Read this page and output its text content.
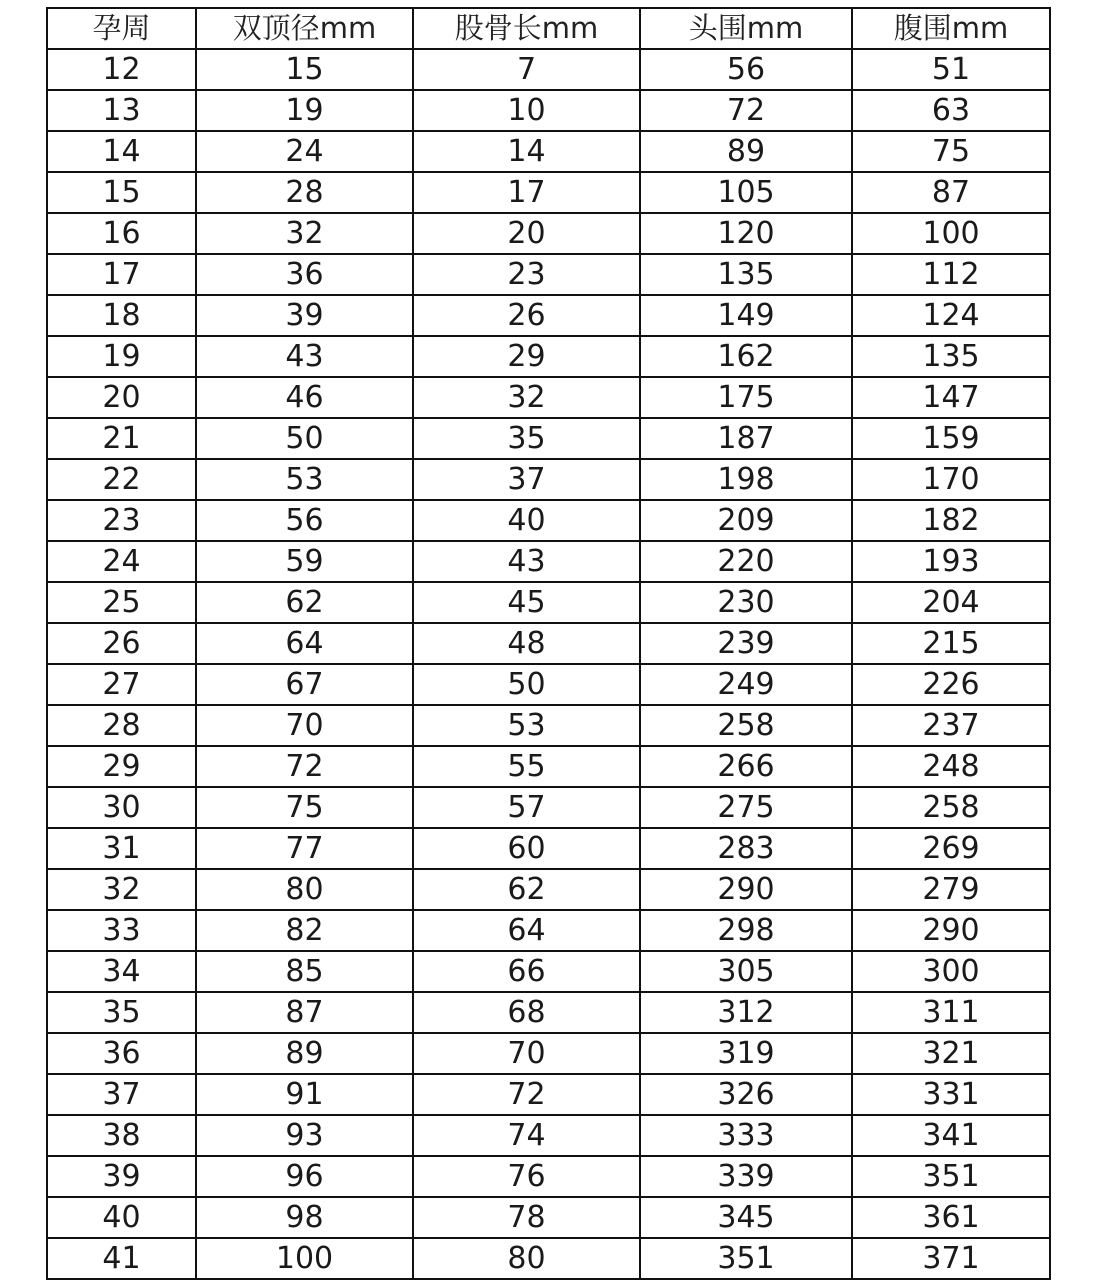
孕周	双顶径mm	股骨长mm	头围mm	腹围mm
12	15	7	56	51
13	19	10	72	63
14	24	14	89	75
15	28	17	105	87
16	32	20	120	100
17	36	23	135	112
18	39	26	149	124
19	43	29	162	135
20	46	32	175	147
21	50	35	187	159
22	53	37	198	170
23	56	40	209	182
24	59	43	220	193
25	62	45	230	204
26	64	48	239	215
27	67	50	249	226
28	70	53	258	237
29	72	55	266	248
30	75	57	275	258
31	77	60	283	269
32	80	62	290	279
33	82	64	298	290
34	85	66	305	300
35	87	68	312	311
36	89	70	319	321
37	91	72	326	331
38	93	74	333	341
39	96	76	339	351
40	98	78	345	361
41	100	80	351	371
